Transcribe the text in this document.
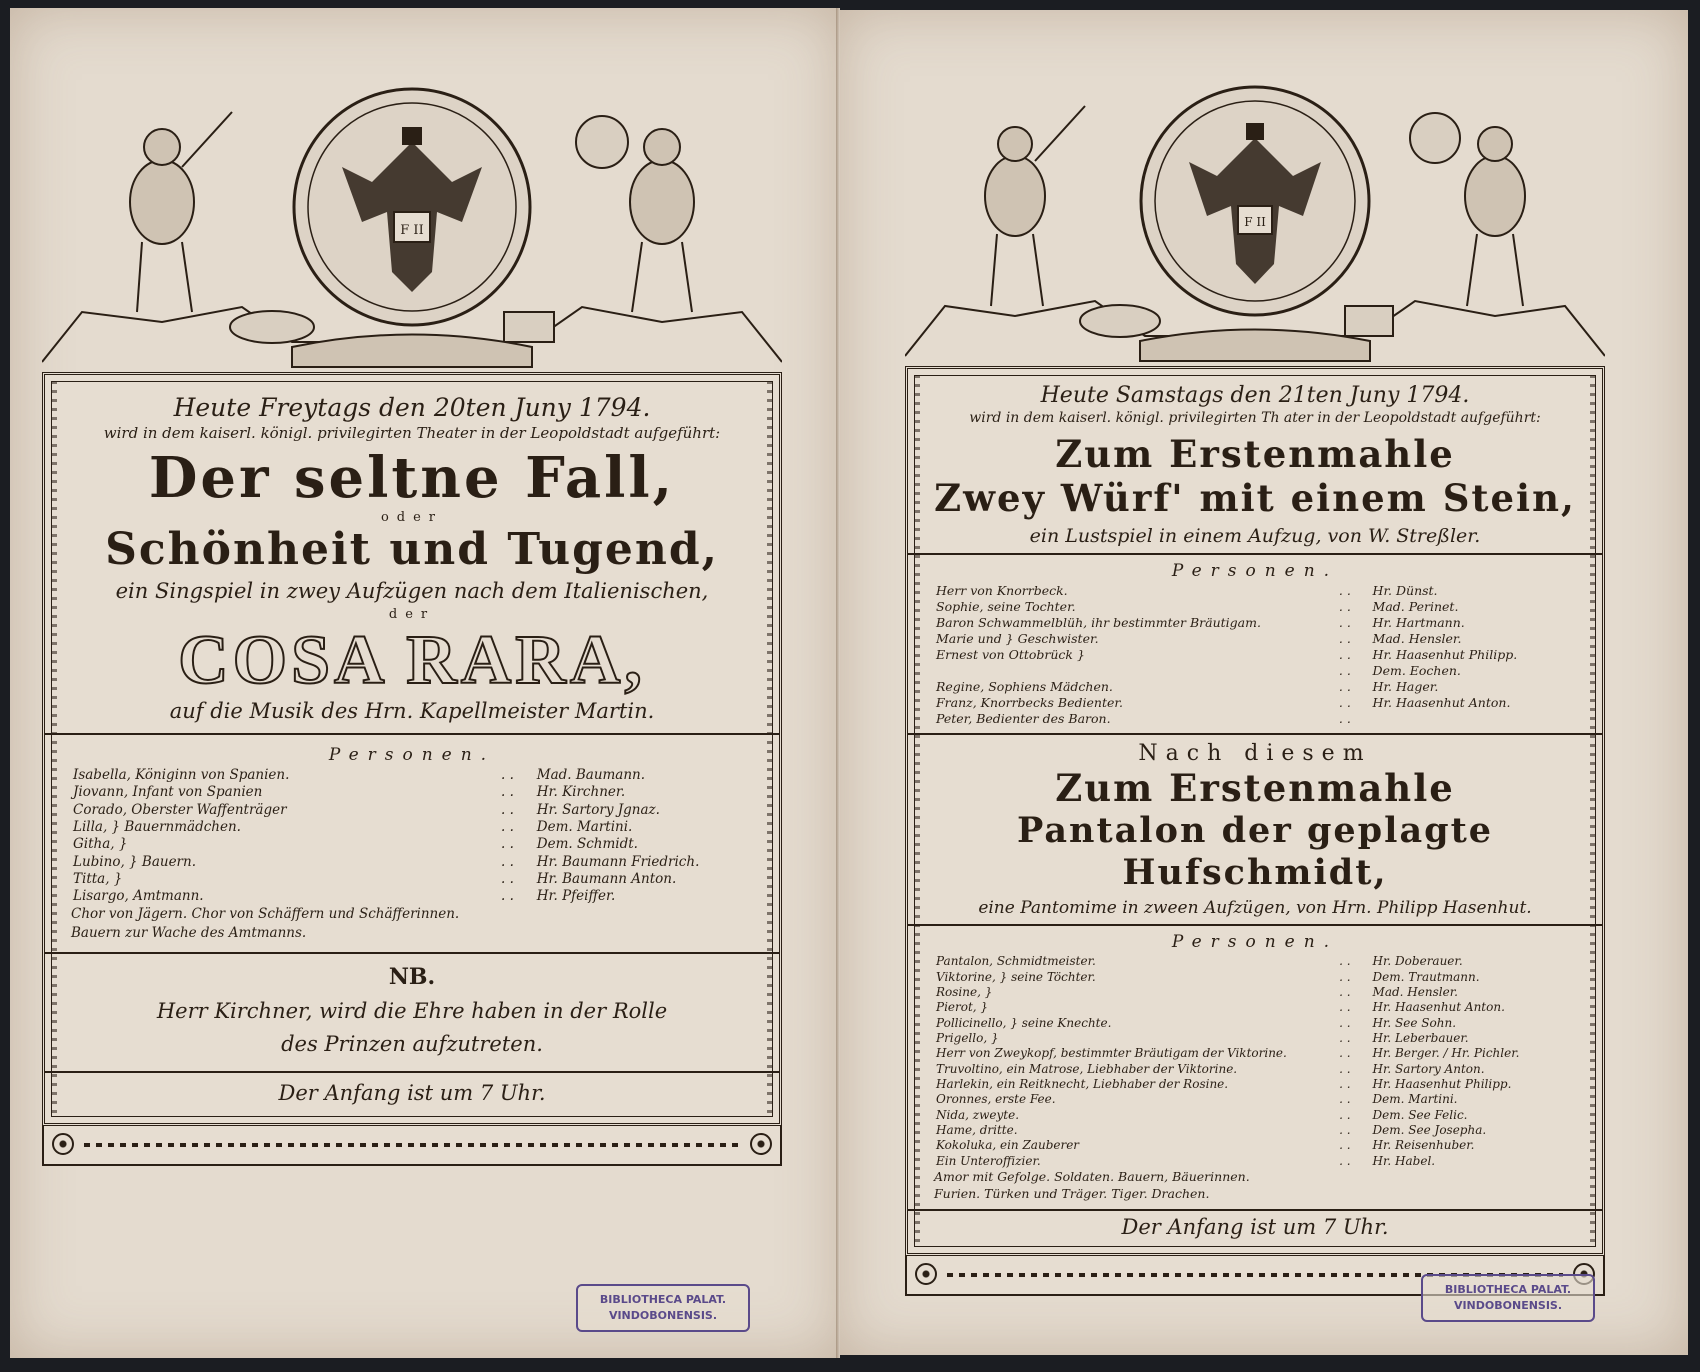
F II
Heute Freytags den 20ten Juny 1794.
wird in dem kaiserl. königl. privilegirten Theater in der Leopoldstadt aufgeführt:
Der seltne Fall,
oder
Schönheit und Tugend,
ein Singspiel in zwey Aufzügen nach dem Italienischen,
der
COSA RARA,
auf die Musik des Hrn. Kapellmeister Martin.
Personen.
Isabella, Königinn von Spanien.	. .	Mad. Baumann.
Jiovann, Infant von Spanien	. .	Hr. Kirchner.
Corado, Oberster Waffenträger	. .	Hr. Sartory Jgnaz.
Lilla, } Bauernmädchen.	. .	Dem. Martini.
Githa, }	. .	Dem. Schmidt.
Lubino, } Bauern.	. .	Hr. Baumann Friedrich.
Titta, }	. .	Hr. Baumann Anton.
Lisargo, Amtmann.	. .	Hr. Pfeiffer.
Chor von Jägern. Chor von Schäffern und Schäfferinnen.
Bauern zur Wache des Amtmanns.
NB.
Herr Kirchner, wird die Ehre haben in der Rolle
des Prinzen aufzutreten.
Der Anfang ist um 7 Uhr.
F II
Heute Samstags den 21ten Juny 1794.
wird in dem kaiserl. königl. privilegirten Th ater in der Leopoldstadt aufgeführt:
Zum Erstenmahle
Zwey Würf' mit einem Stein,
ein Lustspiel in einem Aufzug, von W. Streßler.
Personen.
Herr von Knorrbeck.	. .	Hr. Dünst.
Sophie, seine Tochter.	. .	Mad. Perinet.
Baron Schwammelblüh, ihr bestimmter Bräutigam.	. .	Hr. Hartmann.
Marie und } Geschwister.	. .	Mad. Hensler.
Ernest von Ottobrück }	. .	Hr. Haasenhut Philipp.
	. .	Dem. Eochen.
Regine, Sophiens Mädchen.	. .	Hr. Hager.
Franz, Knorrbecks Bedienter.	. .	Hr. Haasenhut Anton.
Peter, Bedienter des Baron.	. .	
Nach diesem
Zum Erstenmahle
Pantalon der geplagte Hufschmidt,
eine Pantomime in zween Aufzügen, von Hrn. Philipp Hasenhut.
Personen.
Pantalon, Schmidtmeister.	. .	Hr. Doberauer.
Viktorine, } seine Töchter.	. .	Dem. Trautmann.
Rosine, }	. .	Mad. Hensler.
Pierot, }	. .	Hr. Haasenhut Anton.
Pollicinello, } seine Knechte.	. .	Hr. See Sohn.
Prigello, }	. .	Hr. Leberbauer.
Herr von Zweykopf, bestimmter Bräutigam der Viktorine.	. .	Hr. Berger. / Hr. Pichler.
Truvoltino, ein Matrose, Liebhaber der Viktorine.	. .	Hr. Sartory Anton.
Harlekin, ein Reitknecht, Liebhaber der Rosine.	. .	Hr. Haasenhut Philipp.
Oronnes, erste Fee.	. .	Dem. Martini.
Nida, zweyte.	. .	Dem. See Felic.
Hame, dritte.	. .	Dem. See Josepha.
Kokoluka, ein Zauberer	. .	Hr. Reisenhuber.
Ein Unteroffizier.	. .	Hr. Habel.
Amor mit Gefolge. Soldaten. Bauern, Bäuerinnen.
Furien. Türken und Träger. Tiger. Drachen.
Der Anfang ist um 7 Uhr.
BIBLIOTHECA PALAT.
VINDOBONENSIS.
BIBLIOTHECA PALAT.
VINDOBONENSIS.
